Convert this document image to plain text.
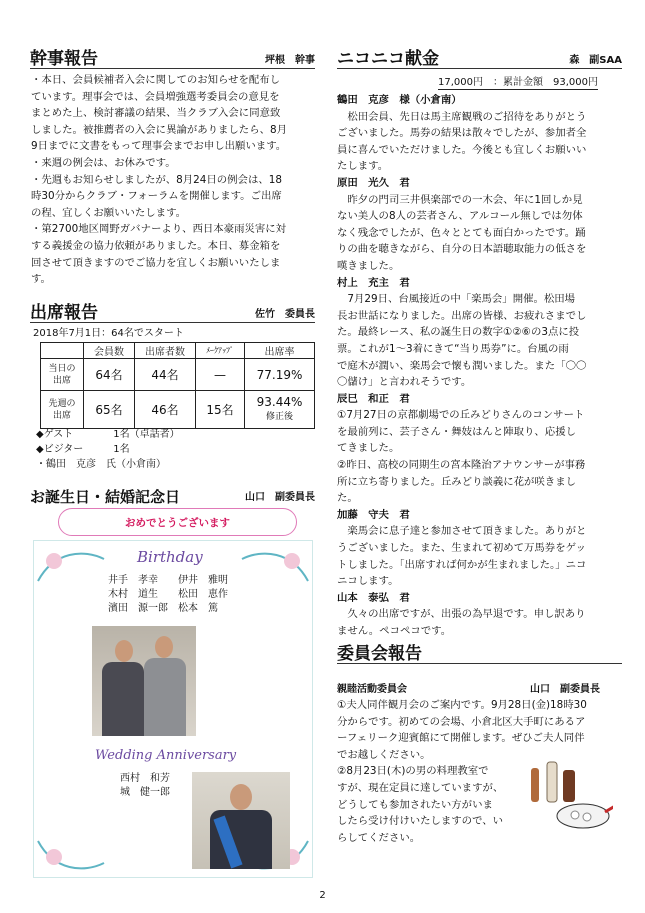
幹事報告	坪根　幹事

・本日、会員候補者入会に関してのお知らせを配布し

ています。理事会では、会員増強選考委員会の意見を

まとめた上、検討審議の結果、当クラブ入会に同意致

しました。被推薦者の入会に異論がありましたら、8月

9日までに文書をもって理事会までお申し出願います。

・来週の例会は、お休みです。

・先週もお知らせしましたが、8月24日の例会は、18

時30分からクラブ・フォーラムを開催します。ご出席

の程、宜しくお願いいたします。

・第2700地区岡野ガバナーより、西日本豪雨災害に対

する義援金の協力依頼がありました。本日、募金箱を

回させて頂きますのでご協力を宜しくお願いいたしま

す。

出席報告	佐竹　委員長
2018年7月1日：64名でスタート
	会員数	出席者数	ﾒｰｸｱｯﾌﾟ	出席率
当日の
出席	64名	44名	—	77.19%
先週の
出席	65名	46名	15名	93.44%
修正後
◆ゲスト　　　　1名（卓話者）
◆ビジター　　　1名
・鶴田　克彦　氏（小倉南）
お誕生日・結婚記念日	山口　副委員長
おめでとうございます
Birthday
井手　孝幸　　伊井　雅明
木村　道生　　松田　恵作
濱田　源一郎　松本　篤
Wedding Anniversary
西村　和芳
城　健一郎
ニコニコ献金	森　副SAA
17,000円　：累計金額　93,000円

鶴田　克彦　様（小倉南）

　松田会員、先日は馬主席観戦のご招待をありがとう

ございました。馬券の結果は散々でしたが、参加者全

員に喜んでいただけました。今後とも宜しくお願いい

たします。

原田　光久　君

　昨夕の門司三井倶楽部での一木会、年に1回しか見

ない美人の8人の芸者さん、アルコール無しでは勿体

なく残念でしたが、色々ととても面白かったです。踊

りの曲を聴きながら、自分の日本語聴取能力の低さを

嘆きました。

村上　充主　君

　7月29日、台風接近の中「楽馬会」開催。松田場

長お世話になりました。出席の皆様、お疲れさまでし

た。最終レース、私の誕生日の数字①②⑥の3点に投

票。これが1〜3着にきて“当り馬券”に。台風の雨

で庭木が潤い、楽馬会で懐も潤いました。また「〇〇

〇儲け」と言われそうです。

辰巳　和正　君

①7月27日の京都劇場での丘みどりさんのコンサート

を最前列に、芸子さん・舞妓はんと陣取り、応援し

てきました。

②昨日、高校の同期生の宮本隆治アナウンサーが事務

所に立ち寄りました。丘みどり談義に花が咲きまし

た。

加藤　守夫　君

　楽馬会に息子達と参加させて頂きました。ありがと

うございました。また、生まれて初めて万馬券をゲッ

トしました。「出席すれば何かが生まれました。」ニコ

ニコします。

山本　泰弘　君

　久々の出席ですが、出張の為早退です。申し訳あり

ません。ペコペコです。

委員会報告
親睦活動委員会	山口　副委員長

①夫人同伴観月会のご案内です。9月28日(金)18時30

分からです。初めての会場、小倉北区大手町にあるア

ーフェリーク迎賓館にて開催します。ぜひご夫人同伴

でお越しください。

②8月23日(木)の男の料理教室で

すが、現在定員に達していますが、

どうしても参加されたい方がいま

したら受け付けいたしますので、い

らしてください。

2
